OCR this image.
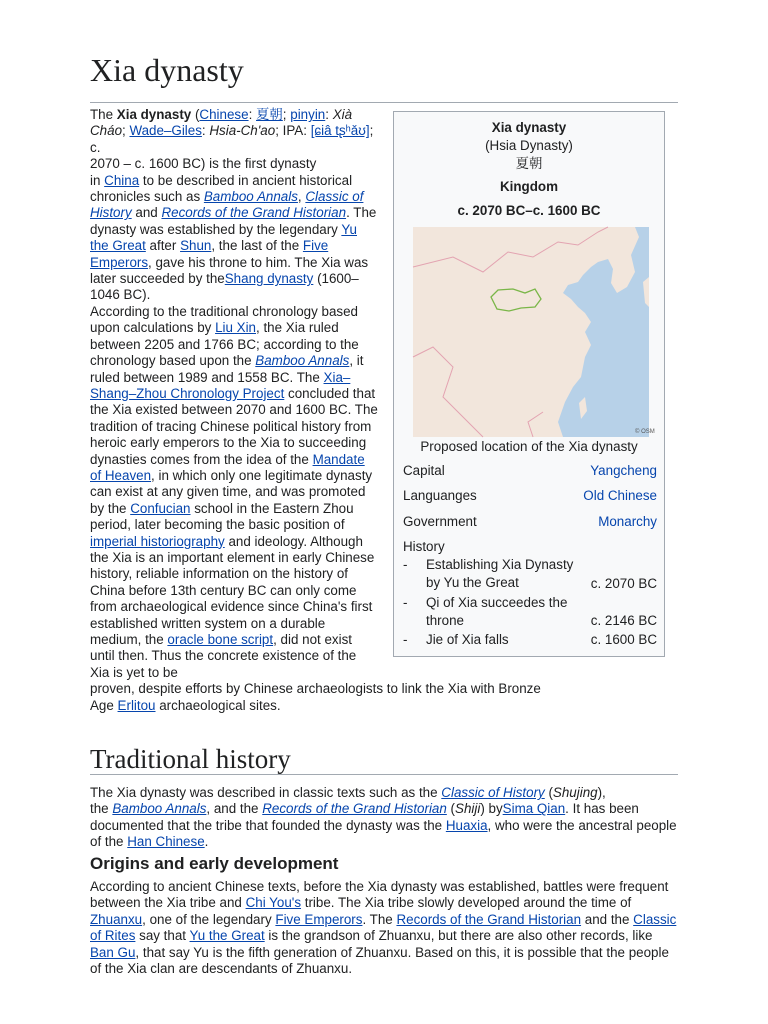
Xia dynasty
The Xia dynasty (Chinese: 夏朝; pinyin: Xià Cháo; Wade–Giles: Hsia-Ch'ao; IPA: [ɕiâ tʂʰǎʊ]; c.
2070 – c. 1600 BC) is the first dynasty
in China to be described in ancient historical chronicles such as Bamboo Annals, Classic of History and Records of the Grand Historian. The dynasty was established by the legendary Yu the Great after Shun, the last of the Five Emperors, gave his throne to him. The Xia was later succeeded by theShang dynasty (1600–1046 BC).
According to the traditional chronology based upon calculations by Liu Xin, the Xia ruled between 2205 and 1766 BC; according to the chronology based upon the Bamboo Annals, it ruled between 1989 and 1558 BC. The Xia–Shang–Zhou Chronology Project concluded that the Xia existed between 2070 and 1600 BC. The tradition of tracing Chinese political history from heroic early emperors to the Xia to succeeding dynasties comes from the idea of the Mandate of Heaven, in which only one legitimate dynasty can exist at any given time, and was promoted by the Confucian school in the Eastern Zhou period, later becoming the basic position of imperial historiography and ideology. Although the Xia is an important element in early Chinese history, reliable information on the history of China before 13th century BC can only come from archaeological evidence since China's first established written system on a durable medium, the oracle bone script, did not exist until then. Thus the concrete existence of the Xia is yet to be
proven, despite efforts by Chinese archaeologists to link the Xia with Bronze Age Erlitou archaeological sites.
Xia dynasty
(Hsia Dynasty)
夏朝
Kingdom
c. 2070 BC–c. 1600 BC
© OSM
Proposed location of the Xia dynasty
Capital	Yangcheng
Languanges	Old Chinese
Government	Monarchy
History
- Establishing Xia Dynasty by Yu the Great	c. 2070 BC
- Qi of Xia succeedes the throne	c. 2146 BC
- Jie of Xia falls	c. 1600 BC
Traditional history

The Xia dynasty was described in classic texts such as the Classic of History (Shujing),
the Bamboo Annals, and the Records of the Grand Historian (Shiji) bySima Qian. It has been documented that the tribe that founded the dynasty was the Huaxia, who were the ancestral people of the Han Chinese.

Origins and early development

According to ancient Chinese texts, before the Xia dynasty was established, battles were frequent between the Xia tribe and Chi You's tribe. The Xia tribe slowly developed around the time of Zhuanxu, one of the legendary Five Emperors. The Records of the Grand Historian and the Classic of Rites say that Yu the Great is the grandson of Zhuanxu, but there are also other records, like Ban Gu, that say Yu is the fifth generation of Zhuanxu. Based on this, it is possible that the people of the Xia clan are descendants of Zhuanxu.
